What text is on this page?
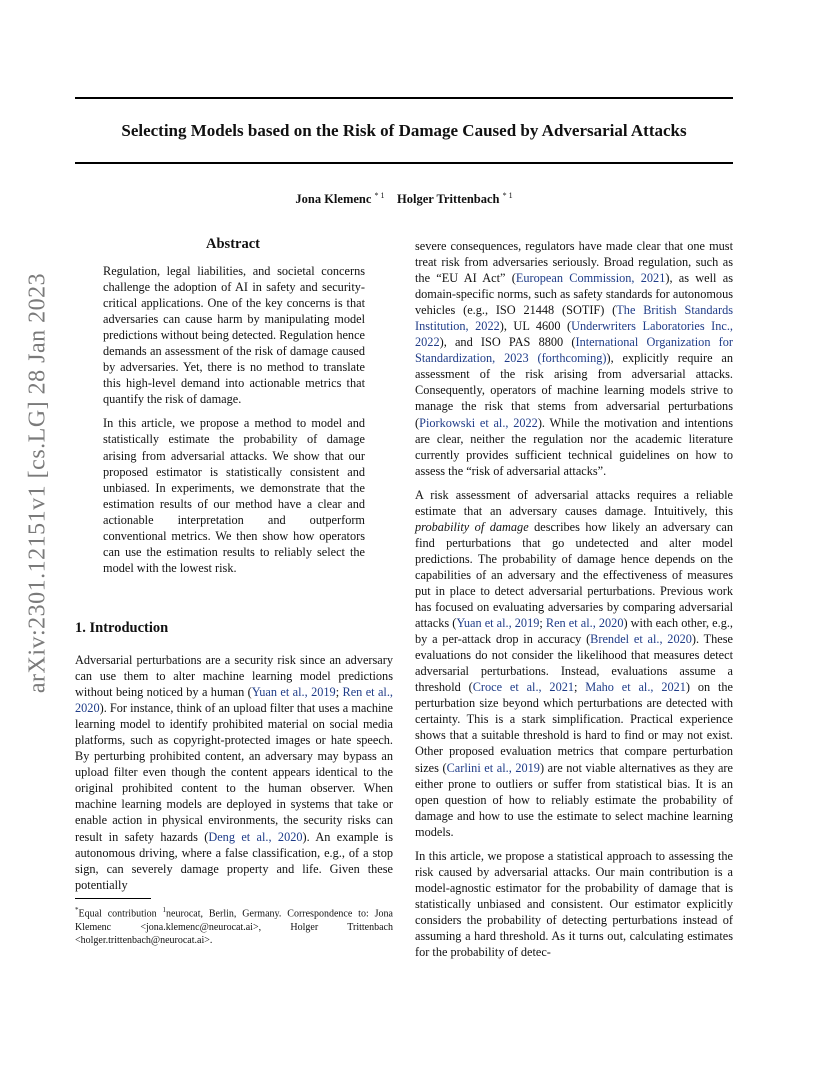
Selecting Models based on the Risk of Damage Caused by Adversarial Attacks
Jona Klemenc $^{* 1}$ Holger Trittenbach $^{* 1}$
arXiv:2301.12151v1 [cs.LG] 28 Jan 2023
Abstract

Regulation, legal liabilities, and societal concerns challenge the adoption of AI in safety and security-critical applications. One of the key concerns is that adversaries can cause harm by manipulating model predictions without being detected. Regulation hence demands an assessment of the risk of damage caused by adversaries. Yet, there is no method to translate this high-level demand into actionable metrics that quantify the risk of damage.

In this article, we propose a method to model and statistically estimate the probability of damage arising from adversarial attacks. We show that our proposed estimator is statistically consistent and unbiased. In experiments, we demonstrate that the estimation results of our method have a clear and actionable interpretation and outperform conventional metrics. We then show how operators can use the estimation results to reliably select the model with the lowest risk.

1. Introduction

Adversarial perturbations are a security risk since an adversary can use them to alter machine learning model predictions without being noticed by a human (Yuan et al., 2019; Ren et al., 2020). For instance, think of an upload filter that uses a machine learning model to identify prohibited material on social media platforms, such as copyright-protected images or hate speech. By perturbing prohibited content, an adversary may bypass an upload filter even though the content appears identical to the original prohibited content to the human observer. When machine learning models are deployed in systems that take or enable action in physical environments, the security risks can result in safety hazards (Deng et al., 2020). An example is autonomous driving, where a false classification, e.g., of a stop sign, can severely damage property and life. Given these potentially

severe consequences, regulators have made clear that one must treat risk from adversaries seriously. Broad regulation, such as the “EU AI Act” (European Commission, 2021), as well as domain-specific norms, such as safety standards for autonomous vehicles (e.g., ISO 21448 (SOTIF) (The British Standards Institution, 2022), UL 4600 (Underwriters Laboratories Inc., 2022), and ISO PAS 8800 (International Organization for Standardization, 2023 (forthcoming)), explicitly require an assessment of the risk arising from adversarial attacks. Consequently, operators of machine learning models strive to manage the risk that stems from adversarial perturbations (Piorkowski et al., 2022). While the motivation and intentions are clear, neither the regulation nor the academic literature currently provides sufficient technical guidelines on how to assess the “risk of adversarial attacks”.

A risk assessment of adversarial attacks requires a reliable estimate that an adversary causes damage. Intuitively, this probability of damage describes how likely an adversary can find perturbations that go undetected and alter model predictions. The probability of damage hence depends on the capabilities of an adversary and the effectiveness of measures put in place to detect adversarial perturbations. Previous work has focused on evaluating adversaries by comparing adversarial attacks (Yuan et al., 2019; Ren et al., 2020) with each other, e.g., by a per-attack drop in accuracy (Brendel et al., 2020). These evaluations do not consider the likelihood that measures detect adversarial perturbations. Instead, evaluations assume a threshold (Croce et al., 2021; Maho et al., 2021) on the perturbation size beyond which perturbations are detected with certainty. This is a stark simplification. Practical experience shows that a suitable threshold is hard to find or may not exist. Other proposed evaluation metrics that compare perturbation sizes (Carlini et al., 2019) are not viable alternatives as they are either prone to outliers or suffer from statistical bias. It is an open question of how to reliably estimate the probability of damage and how to use the estimate to select machine learning models.

In this article, we propose a statistical approach to assessing the risk caused by adversarial attacks. Our main contribution is a model-agnostic estimator for the probability of damage that is statistically unbiased and consistent. Our estimator explicitly considers the probability of detecting perturbations instead of assuming a hard threshold. As it turns out, calculating estimates for the probability of detec-

*Equal contribution $^1$neurocat, Berlin, Germany. Correspondence to: Jona Klemenc <jona.klemenc@neurocat.ai>, Holger Trittenbach <holger.trittenbach@neurocat.ai>.
